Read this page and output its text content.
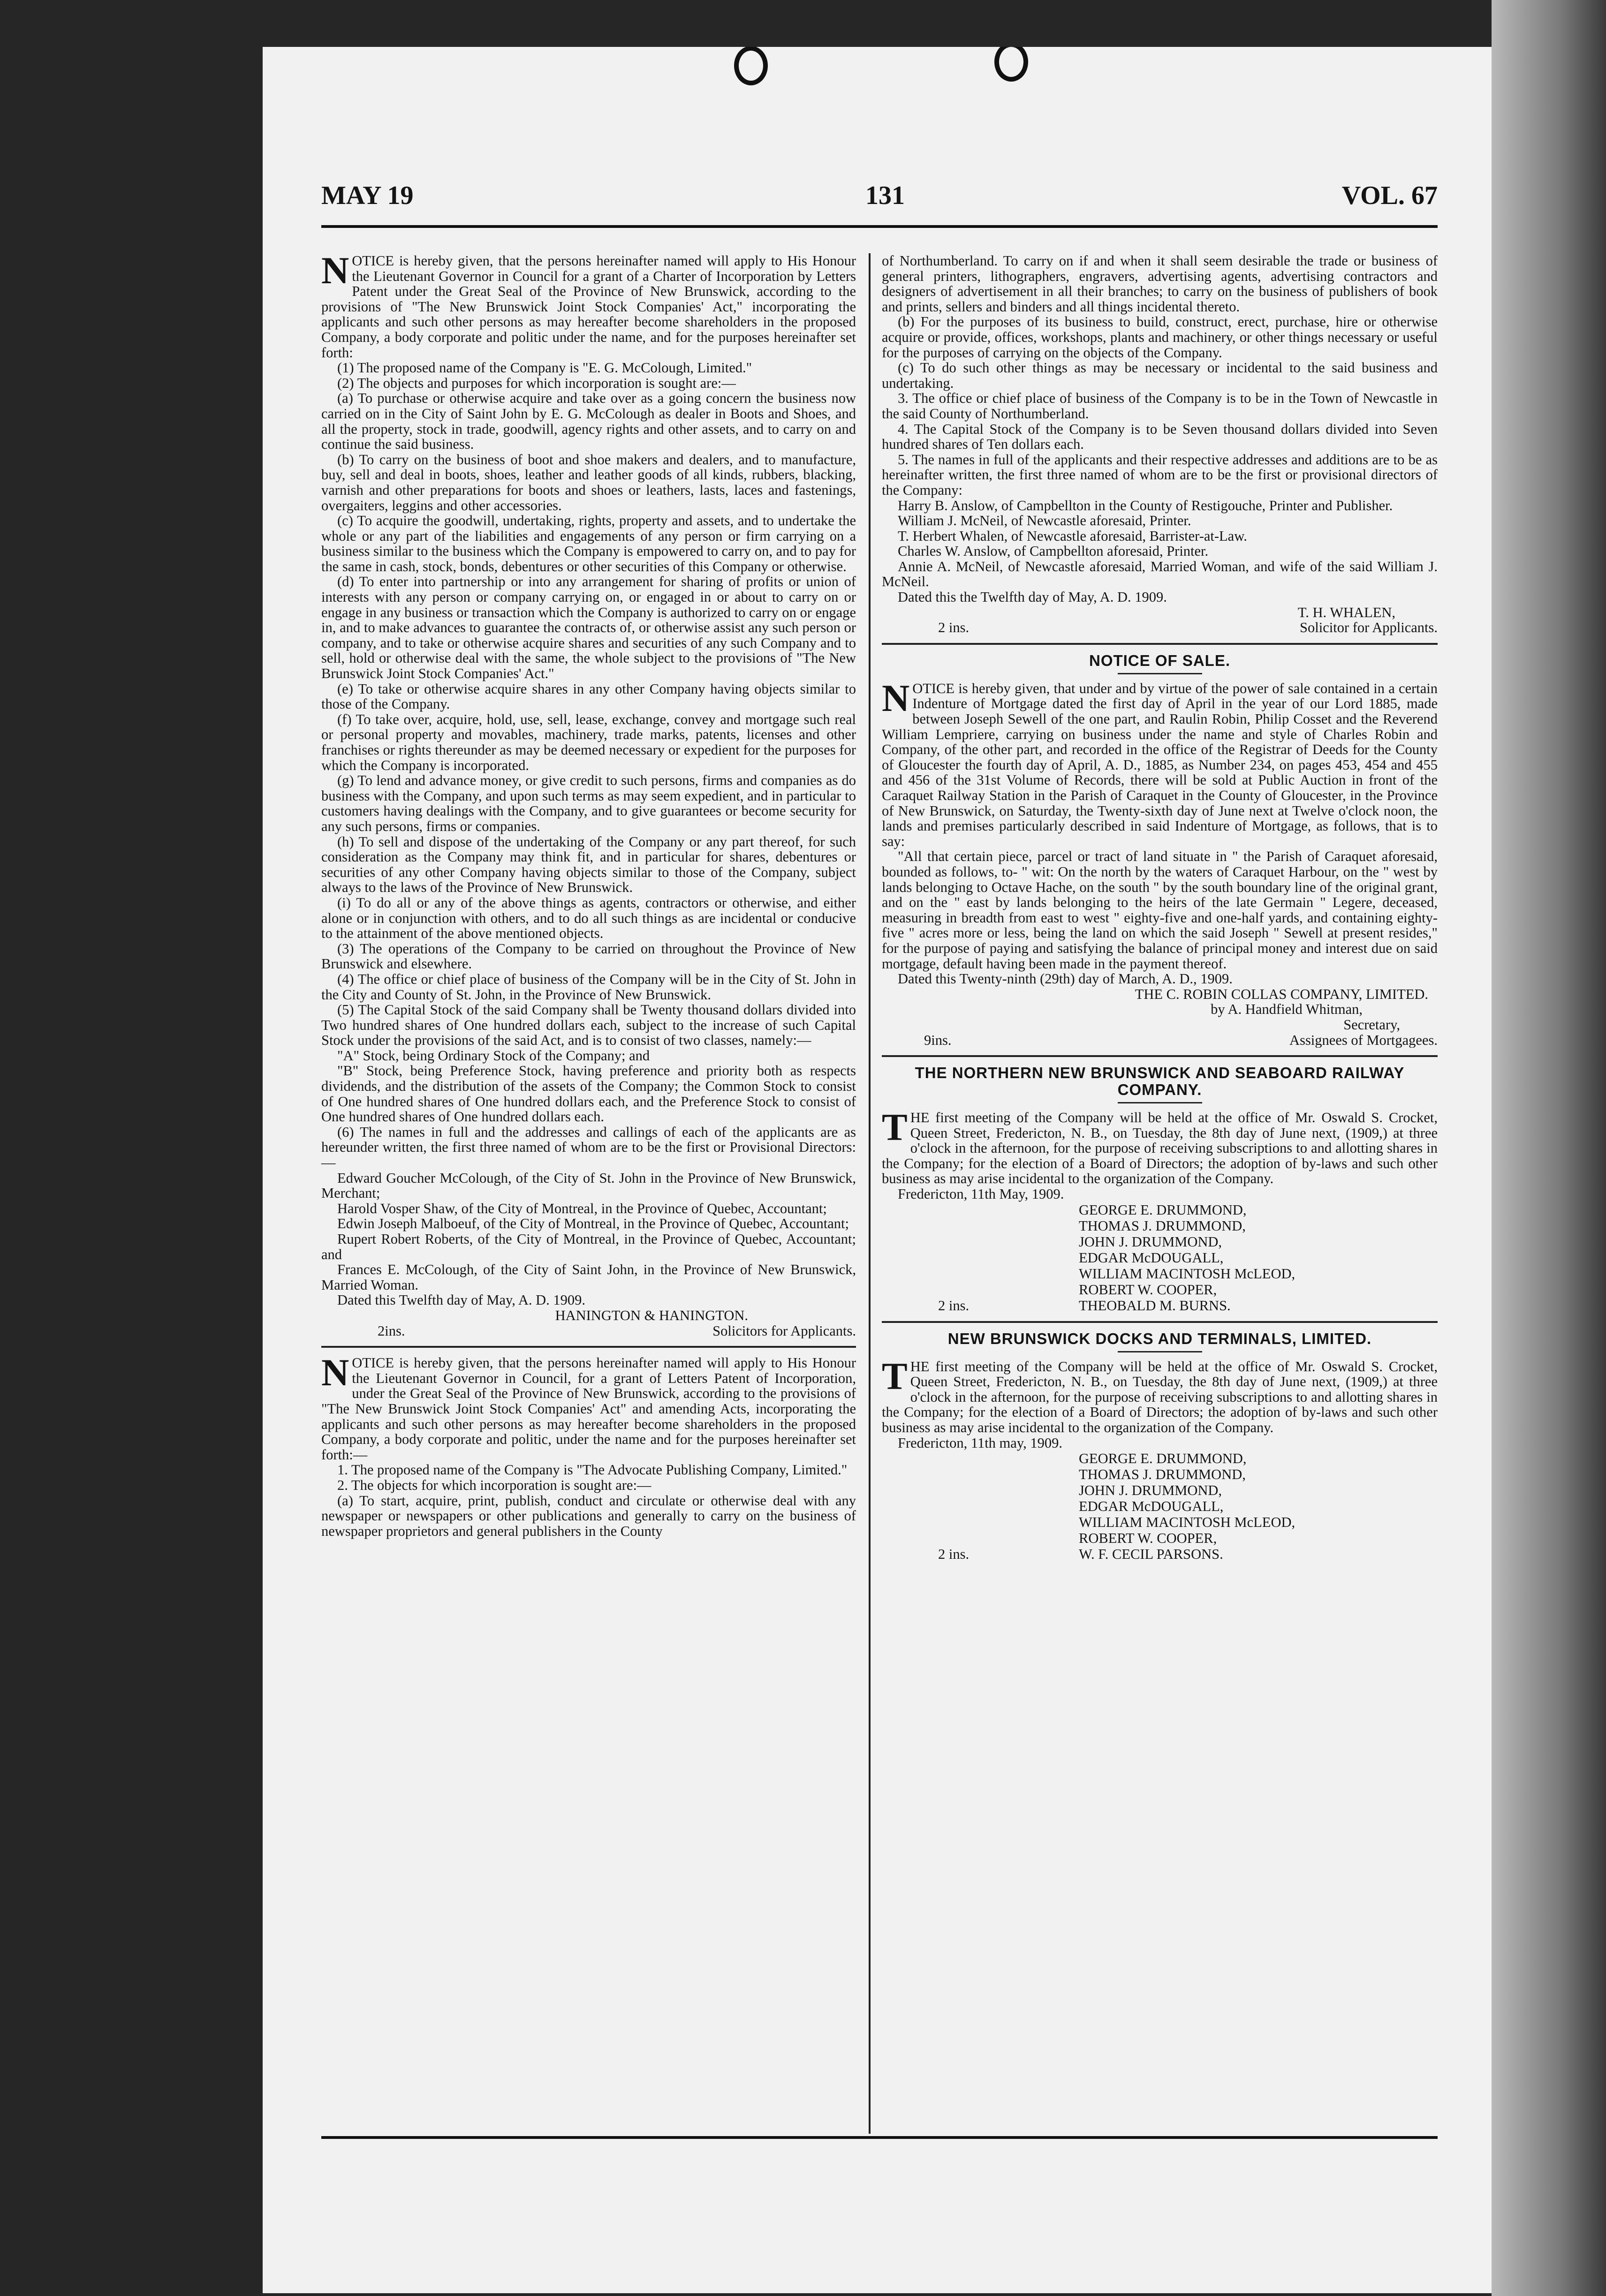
MAY 19	131	VOL. 67

NOTICE is hereby given, that the persons hereinafter named will apply to His Honour the Lieutenant Governor in Council for a grant of a Charter of Incorporation by Letters Patent under the Great Seal of the Province of New Brunswick, according to the provisions of "The New Brunswick Joint Stock Companies' Act," incorporating the applicants and such other persons as may hereafter become shareholders in the proposed Company, a body corporate and politic under the name, and for the purposes hereinafter set forth:

(1) The proposed name of the Company is "E. G. McColough, Limited."

(2) The objects and purposes for which incorporation is sought are:—

(a) To purchase or otherwise acquire and take over as a going concern the business now carried on in the City of Saint John by E. G. McColough as dealer in Boots and Shoes, and all the property, stock in trade, goodwill, agency rights and other assets, and to carry on and continue the said business.

(b) To carry on the business of boot and shoe makers and dealers, and to manufacture, buy, sell and deal in boots, shoes, leather and leather goods of all kinds, rubbers, blacking, varnish and other preparations for boots and shoes or leathers, lasts, laces and fastenings, overgaiters, leggins and other accessories.

(c) To acquire the goodwill, undertaking, rights, property and assets, and to undertake the whole or any part of the liabilities and engagements of any person or firm carrying on a business similar to the business which the Company is empowered to carry on, and to pay for the same in cash, stock, bonds, debentures or other securities of this Company or otherwise.

(d) To enter into partnership or into any arrangement for sharing of profits or union of interests with any person or company carrying on, or engaged in or about to carry on or engage in any business or transaction which the Company is authorized to carry on or engage in, and to make advances to guarantee the contracts of, or otherwise assist any such person or company, and to take or otherwise acquire shares and securities of any such Company and to sell, hold or otherwise deal with the same, the whole subject to the provisions of "The New Brunswick Joint Stock Companies' Act."

(e) To take or otherwise acquire shares in any other Company having objects similar to those of the Company.

(f) To take over, acquire, hold, use, sell, lease, exchange, convey and mortgage such real or personal property and movables, machinery, trade marks, patents, licenses and other franchises or rights thereunder as may be deemed necessary or expedient for the purposes for which the Company is incorporated.

(g) To lend and advance money, or give credit to such persons, firms and companies as do business with the Company, and upon such terms as may seem expedient, and in particular to customers having dealings with the Company, and to give guarantees or become security for any such persons, firms or companies.

(h) To sell and dispose of the undertaking of the Company or any part thereof, for such consideration as the Company may think fit, and in particular for shares, debentures or securities of any other Company having objects similar to those of the Company, subject always to the laws of the Province of New Brunswick.

(i) To do all or any of the above things as agents, contractors or otherwise, and either alone or in conjunction with others, and to do all such things as are incidental or conducive to the attainment of the above mentioned objects.

(3) The operations of the Company to be carried on throughout the Province of New Brunswick and elsewhere.

(4) The office or chief place of business of the Company will be in the City of St. John in the City and County of St. John, in the Province of New Brunswick.

(5) The Capital Stock of the said Company shall be Twenty thousand dollars divided into Two hundred shares of One hundred dollars each, subject to the increase of such Capital Stock under the provisions of the said Act, and is to consist of two classes, namely:—

"A" Stock, being Ordinary Stock of the Company; and

"B" Stock, being Preference Stock, having preference and priority both as respects dividends, and the distribution of the assets of the Company; the Common Stock to consist of One hundred shares of One hundred dollars each, and the Preference Stock to consist of One hundred shares of One hundred dollars each.

(6) The names in full and the addresses and callings of each of the applicants are as hereunder written, the first three named of whom are to be the first or Provisional Directors:—

Edward Goucher McColough, of the City of St. John in the Province of New Brunswick, Merchant;

Harold Vosper Shaw, of the City of Montreal, in the Province of Quebec, Accountant;

Edwin Joseph Malboeuf, of the City of Montreal, in the Province of Quebec, Accountant;

Rupert Robert Roberts, of the City of Montreal, in the Province of Quebec, Accountant; and

Frances E. McColough, of the City of Saint John, in the Province of New Brunswick, Married Woman.

Dated this Twelfth day of May, A. D. 1909.

HANINGTON & HANINGTON.
2ins.	Solicitors for Applicants.

NOTICE is hereby given, that the persons hereinafter named will apply to His Honour the Lieutenant Governor in Council, for a grant of Letters Patent of Incorporation, under the Great Seal of the Province of New Brunswick, according to the provisions of "The New Brunswick Joint Stock Companies' Act" and amending Acts, incorporating the applicants and such other persons as may hereafter become shareholders in the proposed Company, a body corporate and politic, under the name and for the purposes hereinafter set forth:—

1. The proposed name of the Company is "The Advocate Publishing Company, Limited."

2. The objects for which incorporation is sought are:—

(a) To start, acquire, print, publish, conduct and circulate or otherwise deal with any newspaper or newspapers or other publications and generally to carry on the business of newspaper proprietors and general publishers in the County

of Northumberland. To carry on if and when it shall seem desirable the trade or business of general printers, lithographers, engravers, advertising agents, advertising contractors and designers of advertisement in all their branches; to carry on the business of publishers of book and prints, sellers and binders and all things incidental thereto.

(b) For the purposes of its business to build, construct, erect, purchase, hire or otherwise acquire or provide, offices, workshops, plants and machinery, or other things necessary or useful for the purposes of carrying on the objects of the Company.

(c) To do such other things as may be necessary or incidental to the said business and undertaking.

3. The office or chief place of business of the Company is to be in the Town of Newcastle in the said County of Northumberland.

4. The Capital Stock of the Company is to be Seven thousand dollars divided into Seven hundred shares of Ten dollars each.

5. The names in full of the applicants and their respective addresses and additions are to be as hereinafter written, the first three named of whom are to be the first or provisional directors of the Company:

Harry B. Anslow, of Campbellton in the County of Restigouche, Printer and Publisher.

William J. McNeil, of Newcastle aforesaid, Printer.

T. Herbert Whalen, of Newcastle aforesaid, Barrister-at-Law.

Charles W. Anslow, of Campbellton aforesaid, Printer.

Annie A. McNeil, of Newcastle aforesaid, Married Woman, and wife of the said William J. McNeil.

Dated this the Twelfth day of May, A. D. 1909.

T. H. WHALEN,
2 ins.	Solicitor for Applicants.
NOTICE OF SALE.

NOTICE is hereby given, that under and by virtue of the power of sale contained in a certain Indenture of Mortgage dated the first day of April in the year of our Lord 1885, made between Joseph Sewell of the one part, and Raulin Robin, Philip Cosset and the Reverend William Lempriere, carrying on business under the name and style of Charles Robin and Company, of the other part, and recorded in the office of the Registrar of Deeds for the County of Gloucester the fourth day of April, A. D., 1885, as Number 234, on pages 453, 454 and 455 and 456 of the 31st Volume of Records, there will be sold at Public Auction in front of the Caraquet Railway Station in the Parish of Caraquet in the County of Gloucester, in the Province of New Brunswick, on Saturday, the Twenty-sixth day of June next at Twelve o'clock noon, the lands and premises particularly described in said Indenture of Mortgage, as follows, that is to say:

"All that certain piece, parcel or tract of land situate in " the Parish of Caraquet aforesaid, bounded as follows, to- " wit: On the north by the waters of Caraquet Harbour, on the " west by lands belonging to Octave Hache, on the south " by the south boundary line of the original grant, and on the " east by lands belonging to the heirs of the late Germain " Legere, deceased, measuring in breadth from east to west " eighty-five and one-half yards, and containing eighty-five " acres more or less, being the land on which the said Joseph " Sewell at present resides," for the purpose of paying and satisfying the balance of principal money and interest due on said mortgage, default having been made in the payment thereof.

Dated this Twenty-ninth (29th) day of March, A. D., 1909.

THE C. ROBIN COLLAS COMPANY, LIMITED.
by A. Handfield Whitman,
Secretary,
9ins.	Assignees of Mortgagees.
THE NORTHERN NEW BRUNSWICK AND SEABOARD RAILWAY COMPANY.

THE first meeting of the Company will be held at the office of Mr. Oswald S. Crocket, Queen Street, Fredericton, N. B., on Tuesday, the 8th day of June next, (1909,) at three o'clock in the afternoon, for the purpose of receiving subscriptions to and allotting shares in the Company; for the election of a Board of Directors; the adoption of by-laws and such other business as may arise incidental to the organization of the Company.

Fredericton, 11th May, 1909.

GEORGE E. DRUMMOND,
THOMAS J. DRUMMOND,
JOHN J. DRUMMOND,
EDGAR McDOUGALL,
WILLIAM MACINTOSH McLEOD,
ROBERT W. COOPER,
2 ins.	THEOBALD M. BURNS.
NEW BRUNSWICK DOCKS AND TERMINALS, LIMITED.

THE first meeting of the Company will be held at the office of Mr. Oswald S. Crocket, Queen Street, Fredericton, N. B., on Tuesday, the 8th day of June next, (1909,) at three o'clock in the afternoon, for the purpose of receiving subscriptions to and allotting shares in the Company; for the election of a Board of Directors; the adoption of by-laws and such other business as may arise incidental to the organization of the Company.

Fredericton, 11th may, 1909.

GEORGE E. DRUMMOND,
THOMAS J. DRUMMOND,
JOHN J. DRUMMOND,
EDGAR McDOUGALL,
WILLIAM MACINTOSH McLEOD,
ROBERT W. COOPER,
2 ins.	W. F. CECIL PARSONS.
